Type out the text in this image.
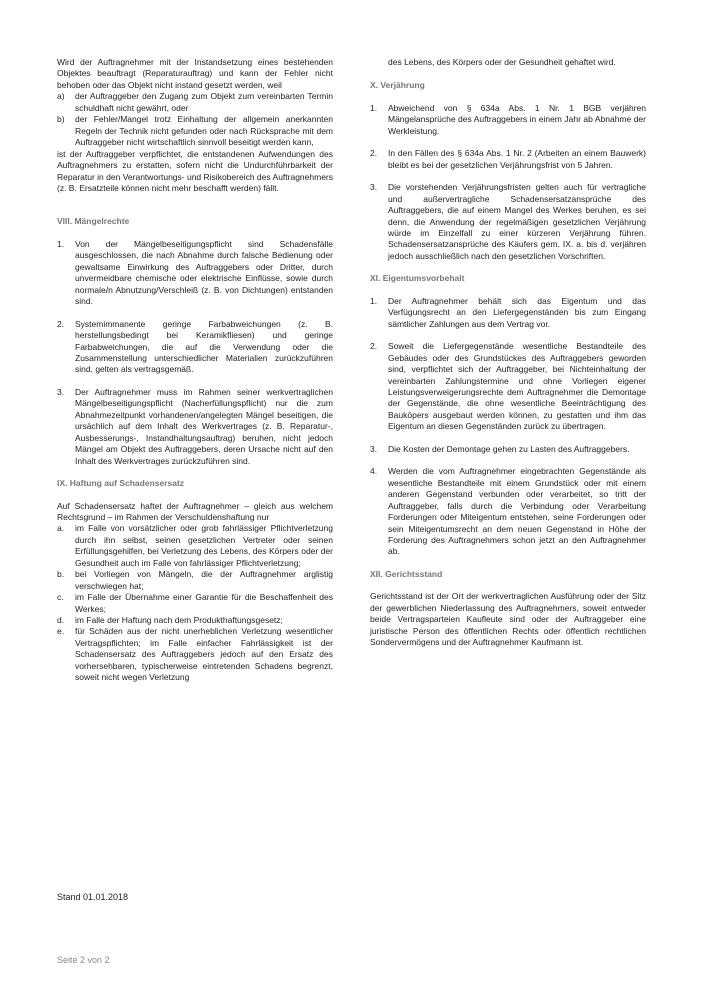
Wird der Auftragnehmer mit der Instandsetzung eines bestehenden Objektes beauftragt (Reparaturauftrag) und kann der Fehler nicht behoben oder das Objekt nicht instand gesetzt werden, weil

a)	der Auftraggeber den Zugang zum Objekt zum vereinbarten Termin schuldhaft nicht gewährt, oder
b)	der Fehler/Mangel trotz Einhaltung der allgemein anerkannten Regeln der Technik nicht gefunden oder nach Rücksprache mit dem Auftraggeber nicht wirtschaftlich sinnvoll beseitigt werden kann,

ist der Auftraggeber verpflichtet, die entstandenen Aufwendungen des Auftragnehmers zu erstatten, sofern nicht die Undurchführbarkeit der Reparatur in den Verantwortungs- und Risikobereich des Auftragnehmers (z. B. Ersatzteile können nicht mehr beschafft werden) fällt.

VIII. Mängelrechte
1.	Von der Mängelbeseitigungspflicht sind Schadensfälle ausgeschlossen, die nach Abnahme durch falsche Bedienung oder gewaltsame Einwirkung des Auftraggebers oder Dritter, durch unvermeidbare chemische oder elektrische Einflüsse, sowie durch normale/n Abnutzung/Verschleiß (z. B. von Dichtungen) entstanden sind.
2.	Systemimmanente geringe Farbabweichungen (z. B. herstellungsbedingt bei Keramikfliesen) und geringe Farbabweichungen, die auf die Verwendung oder die Zusammenstellung unterschiedlicher Materialien zurückzuführen sind, gelten als vertragsgemäß.
3.	Der Auftragnehmer muss im Rahmen seiner werkvertraglichen Mängelbeseitigungspflicht (Nacherfüllungspflicht) nur die zum Abnahmezeitpunkt vorhandenen/angelegten Mängel beseitigen, die ursächlich auf dem Inhalt des Werkvertrages (z. B. Reparatur-, Ausbesserungs-, Instandhaltungsauftrag) beruhen, nicht jedoch Mängel am Objekt des Auftraggebers, deren Ursache nicht auf den Inhalt des Werkvertrages zurückzuführen sind.
IX. Haftung auf Schadensersatz

Auf Schadensersatz haftet der Auftragnehmer – gleich aus welchem Rechtsgrund – im Rahmen der Verschuldenshaftung nur

a.	im Falle von vorsätzlicher oder grob fahrlässiger Pflichtverletzung durch ihn selbst, seinen gesetzlichen Vertreter oder seinen Erfüllungsgehilfen, bei Verletzung des Lebens, des Körpers oder der Gesundheit auch im Falle von fahrlässiger Pflichtverletzung;
b.	bei Vorliegen von Mängeln, die der Auftragnehmer arglistig verschwiegen hat;
c.	im Falle der Übernahme einer Garantie für die Beschaffenheit des Werkes;
d.	im Falle der Haftung nach dem Produkthaftungsgesetz;
e.	für Schäden aus der nicht unerheblichen Verletzung wesentlicher Vertragspflichten; im Falle einfacher Fahrlässigkeit ist der Schadensersatz des Auftraggebers jedoch auf den Ersatz des vorhersehbaren, typischerweise eintretenden Schadens begrenzt, soweit nicht wegen Verletzung

des Lebens, des Körpers oder der Gesundheit gehaftet wird.

X. Verjährung
1.	Abweichend von § 634a Abs. 1 Nr. 1 BGB verjähren Mängelansprüche des Auftraggebers in einem Jahr ab Abnahme der Werkleistung.
2.	In den Fällen des § 634a Abs. 1 Nr. 2 (Arbeiten an einem Bauwerk) bleibt es bei der gesetzlichen Verjährungsfrist von 5 Jahren.
3.	Die vorstehenden Verjährungsfristen gelten auch für vertragliche und außervertragliche Schadensersatzansprüche des Auftraggebers, die auf einem Mangel des Werkes beruhen, es sei denn, die Anwendung der regelmäßigen gesetzlichen Verjährung würde im Einzelfall zu einer kürzeren Verjährung führen. Schadensersatzansprüche des Käufers gem. IX. a. bis d. verjähren jedoch ausschließlich nach den gesetzlichen Vorschriften.
XI. Eigentumsvorbehalt
1.	Der Auftragnehmer behält sich das Eigentum und das Verfügungsrecht an den Liefergegenständen bis zum Eingang sämtlicher Zahlungen aus dem Vertrag vor.
2.	Soweit die Liefergegenstände wesentliche Bestandteile des Gebäudes oder des Grundstückes des Auftraggebers geworden sind, verpflichtet sich der Auftraggeber, bei Nichteinhaltung der vereinbarten Zahlungstermine und ohne Vorliegen eigener Leistungsverweigerungsrechte dem Auftragnehmer die Demontage der Gegenstände, die ohne wesentliche Beeinträchtigung des Bauköpers ausgebaut werden können, zu gestatten und ihm das Eigentum an diesen Gegenständen zurück zu übertragen.
3.	Die Kosten der Demontage gehen zu Lasten des Auftraggebers.
4.	Werden die vom Auftragnehmer eingebrachten Gegenstände als wesentliche Bestandteile mit einem Grundstück oder mit einem anderen Gegenstand verbunden oder verarbeitet, so tritt der Auftraggeber, falls durch die Verbindung oder Verarbeitung Forderungen oder Miteigentum entstehen, seine Forderungen oder sein Miteigentumsrecht an dem neuen Gegenstand in Höhe der Forderung des Auftragnehmers schon jetzt an den Auftragnehmer ab.
XII. Gerichtsstand

Gerichtsstand ist der Ort der werkvertraglichen Ausführung oder der Sitz der gewerblichen Niederlassung des Auftragnehmers, soweit entweder beide Vertragsparteien Kaufleute sind oder der Auftraggeber eine juristische Person des öffentlichen Rechts oder öffentlich rechtlichen Sondervermögens und der Auftragnehmer Kaufmann ist.

Stand 01.01.2018
Seite 2 von 2
